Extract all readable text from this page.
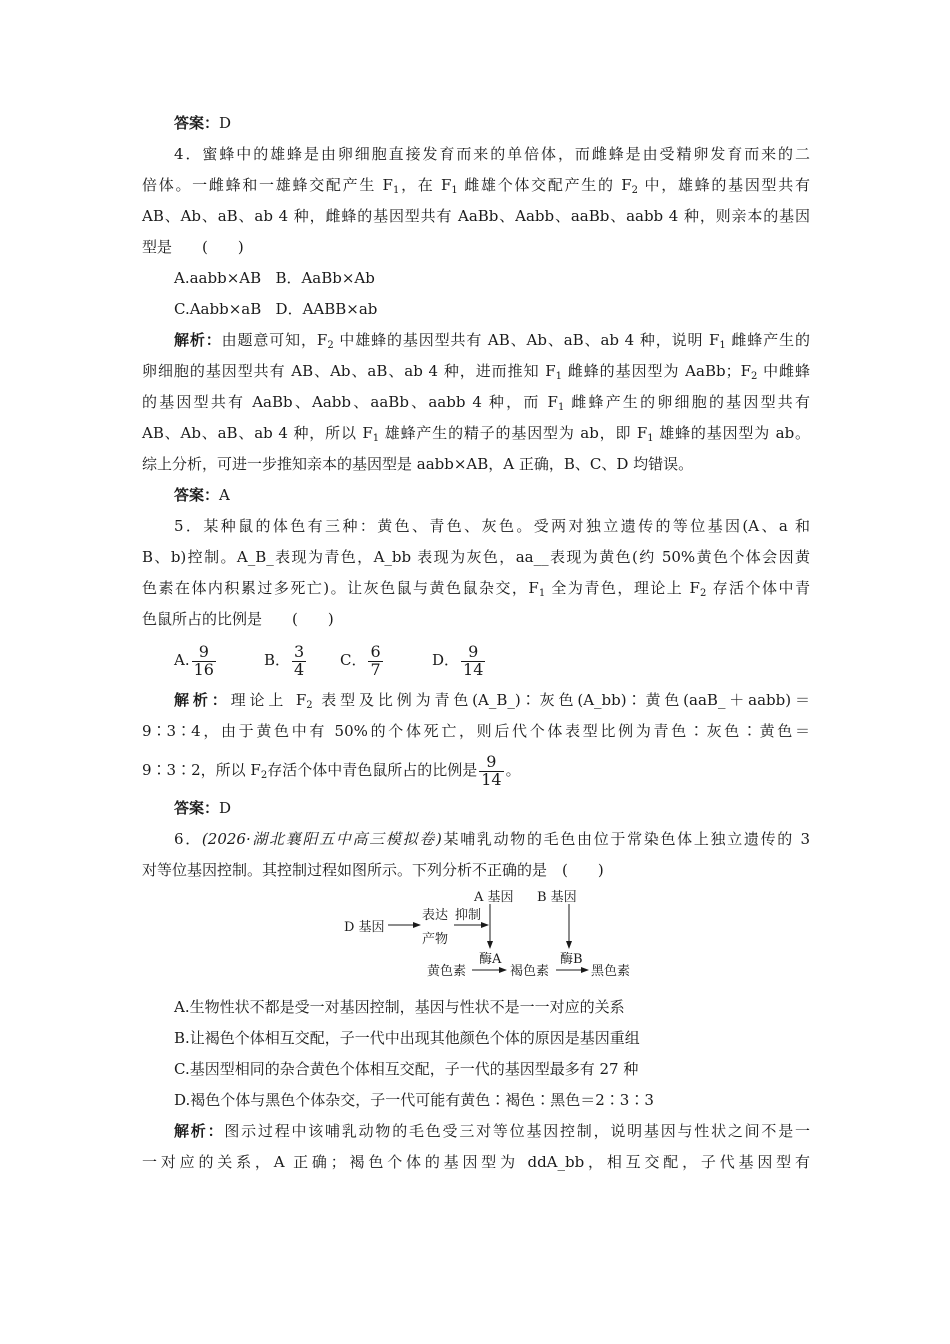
答案：D
4．蜜蜂中的雄蜂是由卵细胞直接发育而来的单倍体，而雌蜂是由受精卵发育而来的二
倍体。一雌蜂和一雄蜂交配产生 $F_1$，在 $F_1$ 雌雄个体交配产生的 $F_2$ 中，雄蜂的基因型共有
AB、Ab、aB、ab 4 种，雌蜂的基因型共有 AaBb、Aabb、aaBb、aabb 4 种，则亲本的基因
型是　　(　　)
A.aabb×AB B．AaBb×Ab
C.Aabb×aB D．AABB×ab
解析：由题意可知，$F_2$ 中雄蜂的基因型共有 AB、Ab、aB、ab 4 种，说明 $F_1$ 雌蜂产生的
卵细胞的基因型共有 AB、Ab、aB、ab 4 种，进而推知 $F_1$ 雌蜂的基因型为 AaBb；$F_2$ 中雌蜂
的基因型共有 AaBb、Aabb、aaBb、aabb 4 种，而 $F_1$ 雌蜂产生的卵细胞的基因型共有
AB、Ab、aB、ab 4 种，所以 $F_1$ 雄蜂产生的精子的基因型为 ab，即 $F_1$ 雄蜂的基因型为 ab。
综上分析，可进一步推知亲本的基因型是 aabb×AB，A 正确，B、C、D 均错误。
答案：A
5．某种鼠的体色有三种：黄色、青色、灰色。受两对独立遗传的等位基因(A、a 和
B、b)控制。A_B_表现为青色，A_bb 表现为灰色，aa__表现为黄色(约 50%黄色个体会因黄
色素在体内积累过多死亡)。让灰色鼠与黄色鼠杂交，$F_1$ 全为青色，理论上 $F_2$ 存活个体中青
色鼠所占的比例是　　(　　)
A. $\frac{9}{16}$	B． $\frac{3}{4}$ C． $\frac{6}{7}$	D． $\frac{9}{14}$
解析：理论上 $F_2$ 表型及比例为青色(A_B_)∶灰色(A_bb)∶黄色(aaB_＋aabb)＝
9∶3∶4，由于黄色中有 50%的个体死亡，则后代个体表型比例为青色∶灰色∶黄色＝
9∶3∶2，所以 $F_2$存活个体中青色鼠所占的比例是 $\frac{9}{14}$ 。
答案：D
6．(2026·湖北襄阳五中高三模拟卷)某哺乳动物的毛色由位于常染色体上独立遗传的 3
对等位基因控制。其控制过程如图所示。下列分析不正确的是　(　　)
A 基因 B 基因
D 基因
表达
产物
抑制
黄色素
酶A
褐色素
酶B
黑色素
A.生物性状不都是受一对基因控制，基因与性状不是一一对应的关系
B.让褐色个体相互交配，子一代中出现其他颜色个体的原因是基因重组
C.基因型相同的杂合黄色个体相互交配，子一代的基因型最多有 27 种
D.褐色个体与黑色个体杂交，子一代可能有黄色∶褐色∶黑色＝2∶3∶3
解析：图示过程中该哺乳动物的毛色受三对等位基因控制，说明基因与性状之间不是一
一对应的关系，A 正确；褐色个体的基因型为 ddA_bb，相互交配，子代基因型有
